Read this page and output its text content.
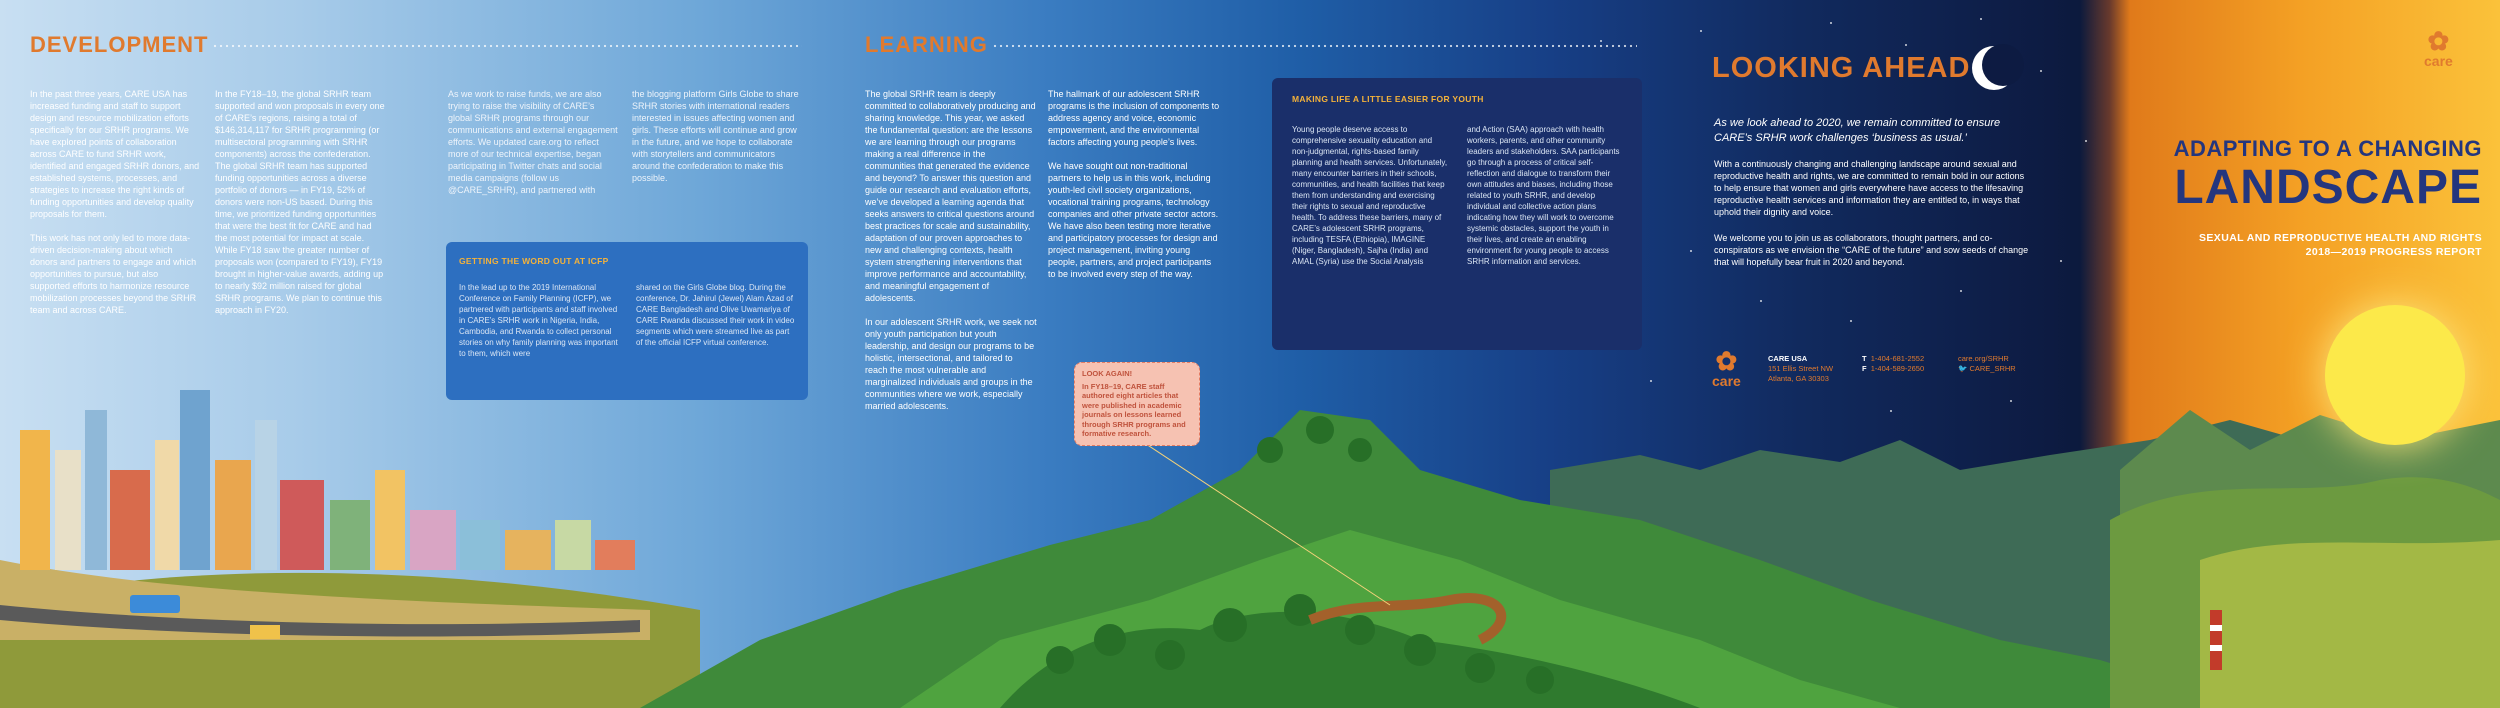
DEVELOPMENT

In the past three years, CARE USA has increased funding and staff to support design and resource mobilization efforts specifically for our SRHR programs. We have explored points of collaboration across CARE to fund SRHR work, identified and engaged SRHR donors, and established systems, processes, and strategies to increase the right kinds of funding opportunities and develop quality proposals for them.

This work has not only led to more data-driven decision-making about which donors and partners to engage and which opportunities to pursue, but also supported efforts to harmonize resource mobilization processes beyond the SRHR team and across CARE.

In the FY18–19, the global SRHR team supported and won proposals in every one of CARE’s regions, raising a total of $146,314,117 for SRHR programming (or multisectoral programming with SRHR components) across the confederation. The global SRHR team has supported funding opportunities across a diverse portfolio of donors — in FY19, 52% of donors were non-US based. During this time, we prioritized funding opportunities that were the best fit for CARE and had the most potential for impact at scale. While FY18 saw the greater number of proposals won (compared to FY19), FY19 brought in higher-value awards, adding up to nearly $92 million raised for global SRHR programs. We plan to continue this approach in FY20.

As we work to raise funds, we are also trying to raise the visibility of CARE’s global SRHR programs through our communications and external engagement efforts. We updated care.org to reflect more of our technical expertise, began participating in Twitter chats and social media campaigns (follow us @CARE_SRHR), and partnered with

the blogging platform Girls Globe to share SRHR stories with international readers interested in issues affecting women and girls. These efforts will continue and grow in the future, and we hope to collaborate with storytellers and communicators around the confederation to make this possible.

GETTING THE WORD OUT AT ICFP
In the lead up to the 2019 International Conference on Family Planning (ICFP), we partnered with participants and staff involved in CARE’s SRHR work in Nigeria, India, Cambodia, and Rwanda to collect personal stories on why family planning was important to them, which were
shared on the Girls Globe blog. During the conference, Dr. Jahirul (Jewel) Alam Azad of CARE Bangladesh and Olive Uwamariya of CARE Rwanda discussed their work in video segments which were streamed live as part of the official ICFP virtual conference.
LEARNING

The global SRHR team is deeply committed to collaboratively producing and sharing knowledge. This year, we asked the fundamental question: are the lessons we are learning through our programs making a real difference in the communities that generated the evidence and beyond? To answer this question and guide our research and evaluation efforts, we’ve developed a learning agenda that seeks answers to critical questions around best practices for scale and sustainability, adaptation of our proven approaches to new and challenging contexts, health system strengthening interventions that improve performance and accountability, and meaningful engagement of adolescents.

In our adolescent SRHR work, we seek not only youth participation but youth leadership, and design our programs to be holistic, intersectional, and tailored to reach the most vulnerable and marginalized individuals and groups in the communities where we work, especially married adolescents.

The hallmark of our adolescent SRHR programs is the inclusion of components to address agency and voice, economic empowerment, and the environmental factors affecting young people’s lives.

We have sought out non-traditional partners to help us in this work, including youth-led civil society organizations, vocational training programs, technology companies and other private sector actors. We have also been testing more iterative and participatory processes for design and project management, inviting young people, partners, and project participants to be involved every step of the way.

LOOK AGAIN!
In FY18–19, CARE staff authored eight articles that were published in academic journals on lessons learned through SRHR programs and formative research.
MAKING LIFE A LITTLE EASIER FOR YOUTH
Young people deserve access to comprehensive sexuality education and non-judgmental, rights-based family planning and health services. Unfortunately, many encounter barriers in their schools, communities, and health facilities that keep them from understanding and exercising their rights to sexual and reproductive health. To address these barriers, many of CARE’s adolescent SRHR programs, including TESFA (Ethiopia), IMAGINE (Niger, Bangladesh), Sajha (India) and AMAL (Syria) use the Social Analysis
and Action (SAA) approach with health workers, parents, and other community leaders and stakeholders. SAA participants go through a process of critical self-reflection and dialogue to transform their own attitudes and biases, including those related to youth SRHR, and develop individual and collective action plans indicating how they will work to overcome systemic obstacles, support the youth in their lives, and create an enabling environment for young people to access SRHR information and services.
LOOKING AHEAD
As we look ahead to 2020, we remain committed to ensure CARE’s SRHR work challenges ‘business as usual.’
With a continuously changing and challenging landscape around sexual and reproductive health and rights, we are committed to remain bold in our actions to help ensure that women and girls everywhere have access to the lifesaving reproductive health services and information they are entitled to, in ways that uphold their dignity and voice.
We welcome you to join us as collaborators, thought partners, and co-conspirators as we envision the “CARE of the future” and sow seeds of change that will hopefully bear fruit in 2020 and beyond.
✿
care
CARE USA
151 Ellis Street NW
Atlanta, GA 30303
T 1-404-681-2552
F 1-404-589-2650
care.org/SRHR
🐦 CARE_SRHR
✿
care
ADAPTING TO A CHANGING
LANDSCAPE
SEXUAL AND REPRODUCTIVE HEALTH AND RIGHTS
2018—2019 PROGRESS REPORT
